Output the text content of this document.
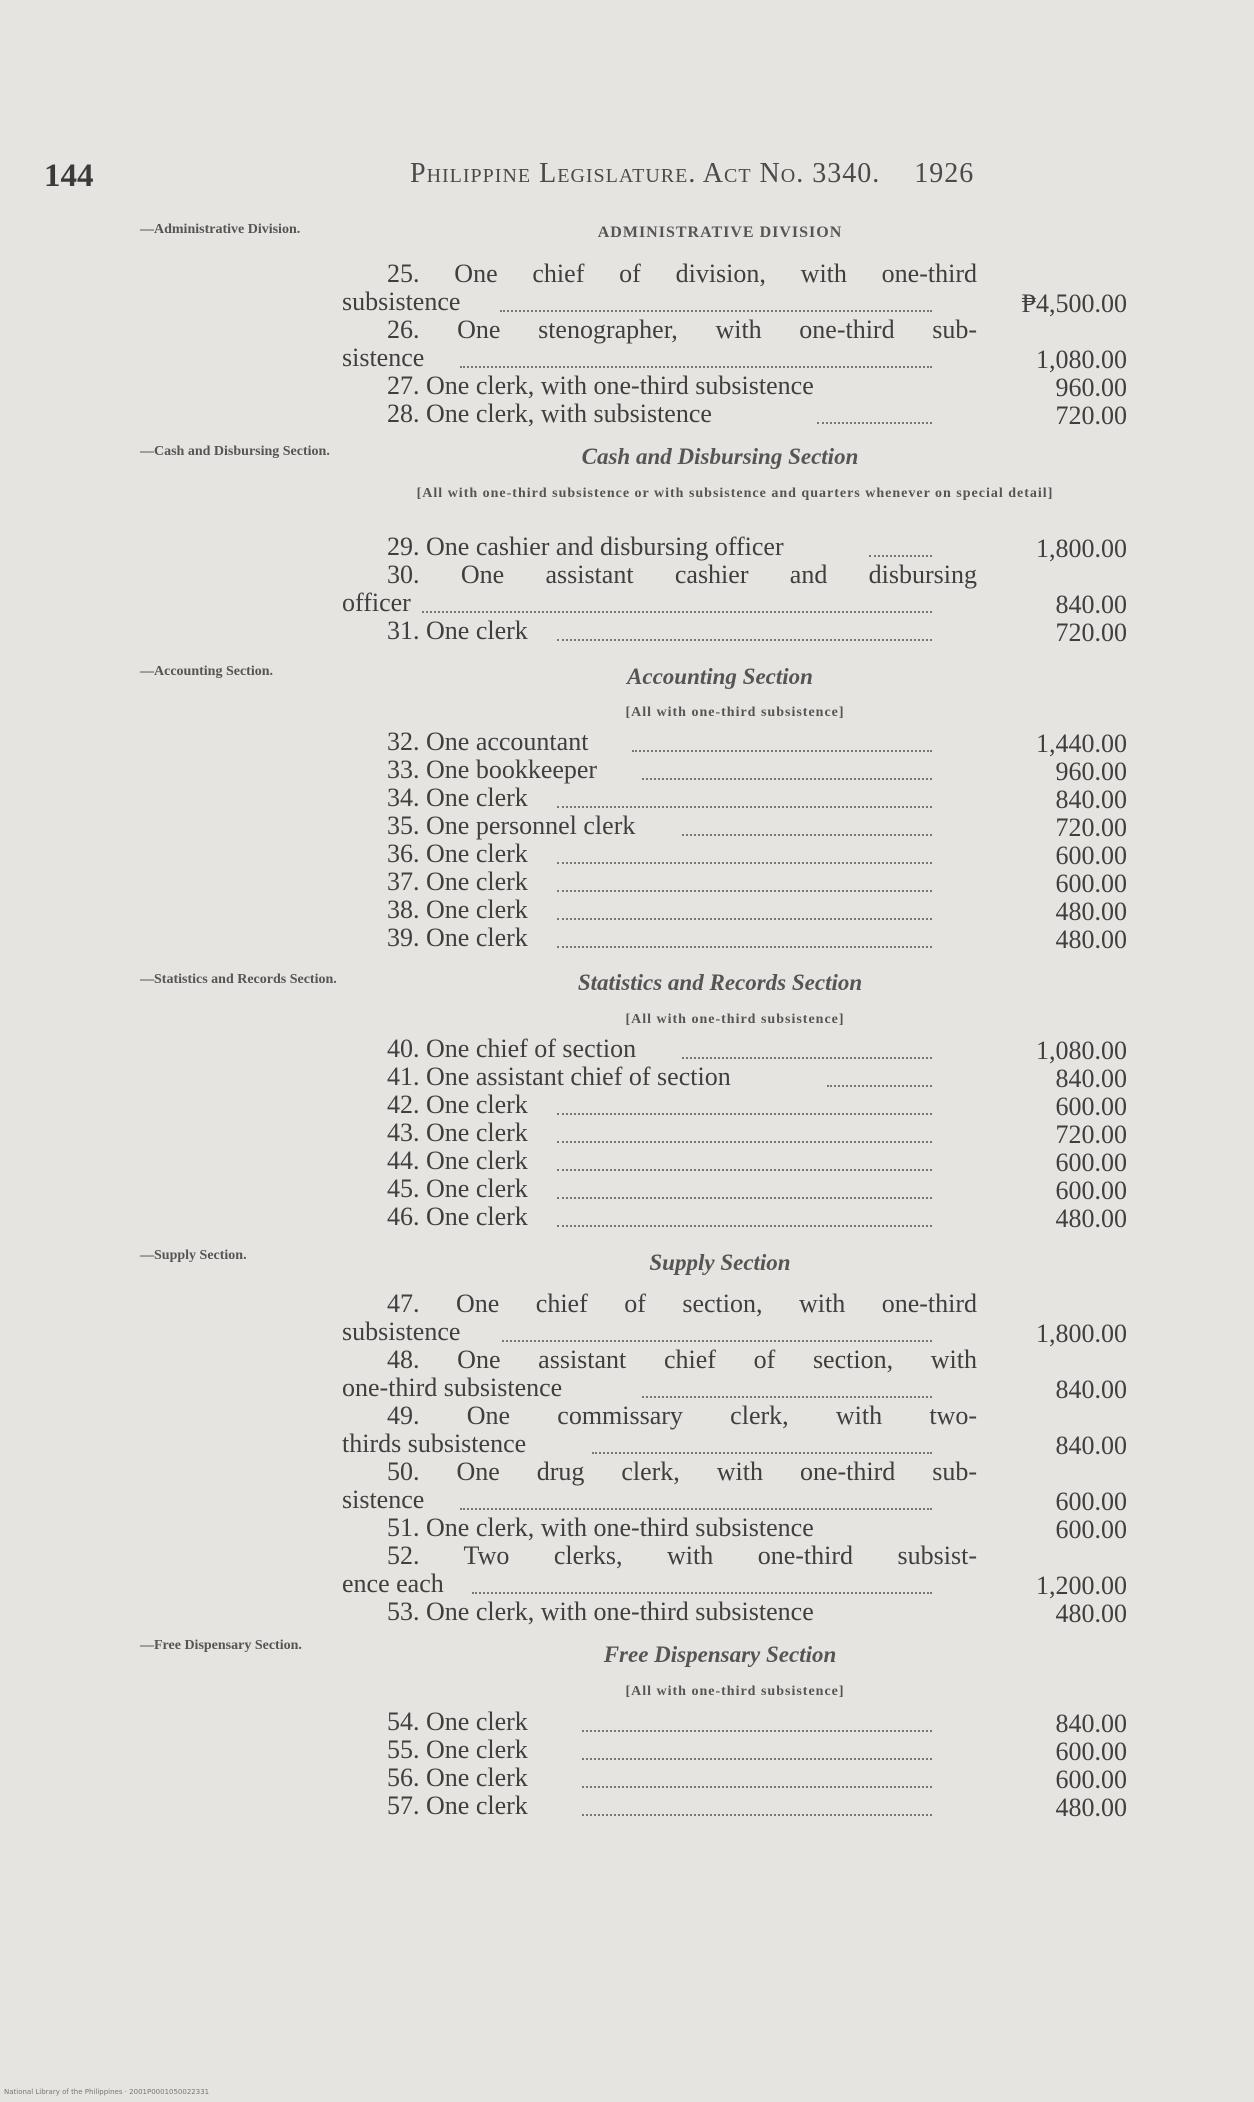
144	Philippine Legislature. Act No. 3340. 1926
—Administrative Division.
—Cash and Disbursing Section.
—Accounting Section.
—Statistics and Records Section.
—Supply Section.
—Free Dispensary Section.
ADMINISTRATIVE DIVISION
Cash and Disbursing Section
[All with one-third subsistence or with subsistence and quarters whenever on special detail]
Accounting Section
[All with one-third subsistence]
Statistics and Records Section
[All with one-third subsistence]
Supply Section
Free Dispensary Section
[All with one-third subsistence]
25. One chief of division, with one-third
subsistence	₱4,500.00
26. One stenographer, with one-third sub-
sistence	1,080.00
27. One clerk, with one-third subsistence	960.00
28. One clerk, with subsistence	720.00
29. One cashier and disbursing officer	1,800.00
30. One assistant cashier and disbursing
officer	840.00
31. One clerk	720.00
32. One accountant	1,440.00
33. One bookkeeper	960.00
34. One clerk	840.00
35. One personnel clerk	720.00
36. One clerk	600.00
37. One clerk	600.00
38. One clerk	480.00
39. One clerk	480.00
40. One chief of section	1,080.00
41. One assistant chief of section	840.00
42. One clerk	600.00
43. One clerk	720.00
44. One clerk	600.00
45. One clerk	600.00
46. One clerk	480.00
47. One chief of section, with one-third
subsistence	1,800.00
48. One assistant chief of section, with
one-third subsistence	840.00
49. One commissary clerk, with two-
thirds subsistence	840.00
50. One drug clerk, with one-third sub-
sistence	600.00
51. One clerk, with one-third subsistence	600.00
52. Two clerks, with one-third subsist-
ence each	1,200.00
53. One clerk, with one-third subsistence	480.00
54. One clerk	840.00
55. One clerk	600.00
56. One clerk	600.00
57. One clerk	480.00
National Library of the Philippines · 2001P0001050022331
